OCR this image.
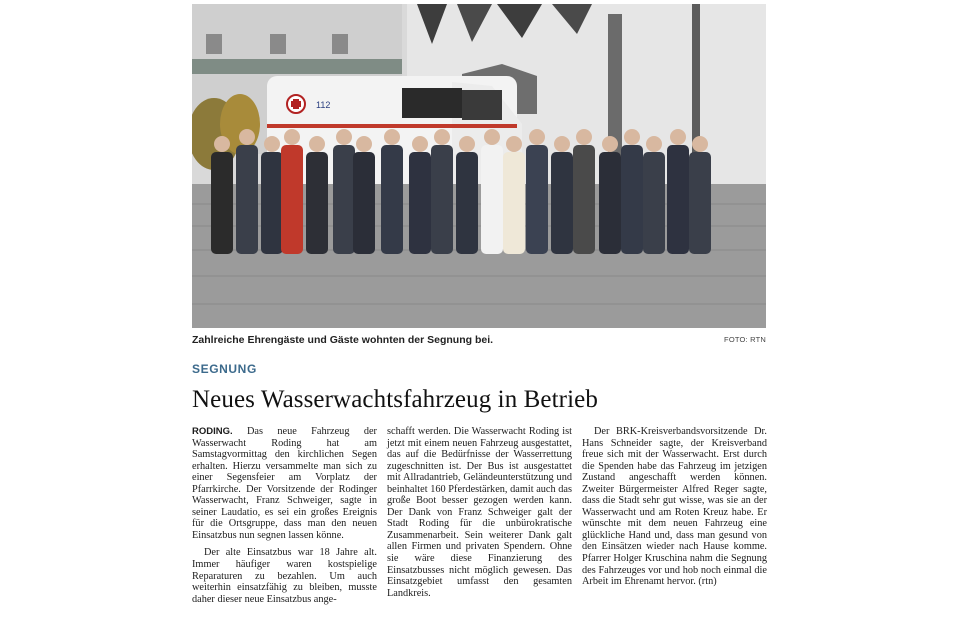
112
Zahlreiche Ehrengäste und Gäste wohnten der Segnung bei.	FOTO: RTN
SEGNUNG
Neues Wasserwachtsfahrzeug in Betrieb

RODING. Das neue Fahrzeug der Wasserwacht Roding hat am Samstagvormittag den kirchlichen Segen erhalten. Hierzu versammelte man sich zu einer Segensfeier am Vorplatz der Pfarrkirche. Der Vorsitzende der Rodinger Wasserwacht, Franz Schweiger, sagte in seiner Laudatio, es sei ein großes Ereignis für die Ortsgruppe, dass man den neuen Einsatzbus nun segnen lassen könne.

Der alte Einsatzbus war 18 Jahre alt. Immer häufiger waren kostspielige Reparaturen zu bezahlen. Um auch weiterhin einsatzfähig zu bleiben, musste daher dieser neue Einsatzbus ange-

schafft werden. Die Wasserwacht Roding ist jetzt mit einem neuen Fahrzeug ausgestattet, das auf die Bedürfnisse der Wasserrettung zugeschnitten ist. Der Bus ist ausgestattet mit Allradantrieb, Geländeunterstützung und beinhaltet 160 Pferdestärken, damit auch das große Boot besser gezogen werden kann. Der Dank von Franz Schweiger galt der Stadt Roding für die unbürokratische Zusammenarbeit. Sein weiterer Dank galt allen Firmen und privaten Spendern. Ohne sie wäre diese Finanzierung des Einsatzbusses nicht möglich gewesen. Das Einsatzgebiet umfasst den gesamten Landkreis.

Der BRK-Kreisverbandsvorsitzende Dr. Hans Schneider sagte, der Kreisverband freue sich mit der Wasserwacht. Erst durch die Spenden habe das Fahrzeug im jetzigen Zustand angeschafft werden können. Zweiter Bürgermeister Alfred Reger sagte, dass die Stadt sehr gut wisse, was sie an der Wasserwacht und am Roten Kreuz habe. Er wünschte mit dem neuen Fahrzeug eine glückliche Hand und, dass man gesund von den Einsätzen wieder nach Hause komme. Pfarrer Holger Kruschina nahm die Segnung des Fahrzeuges vor und hob noch einmal die Arbeit im Ehrenamt hervor. (rtn)
